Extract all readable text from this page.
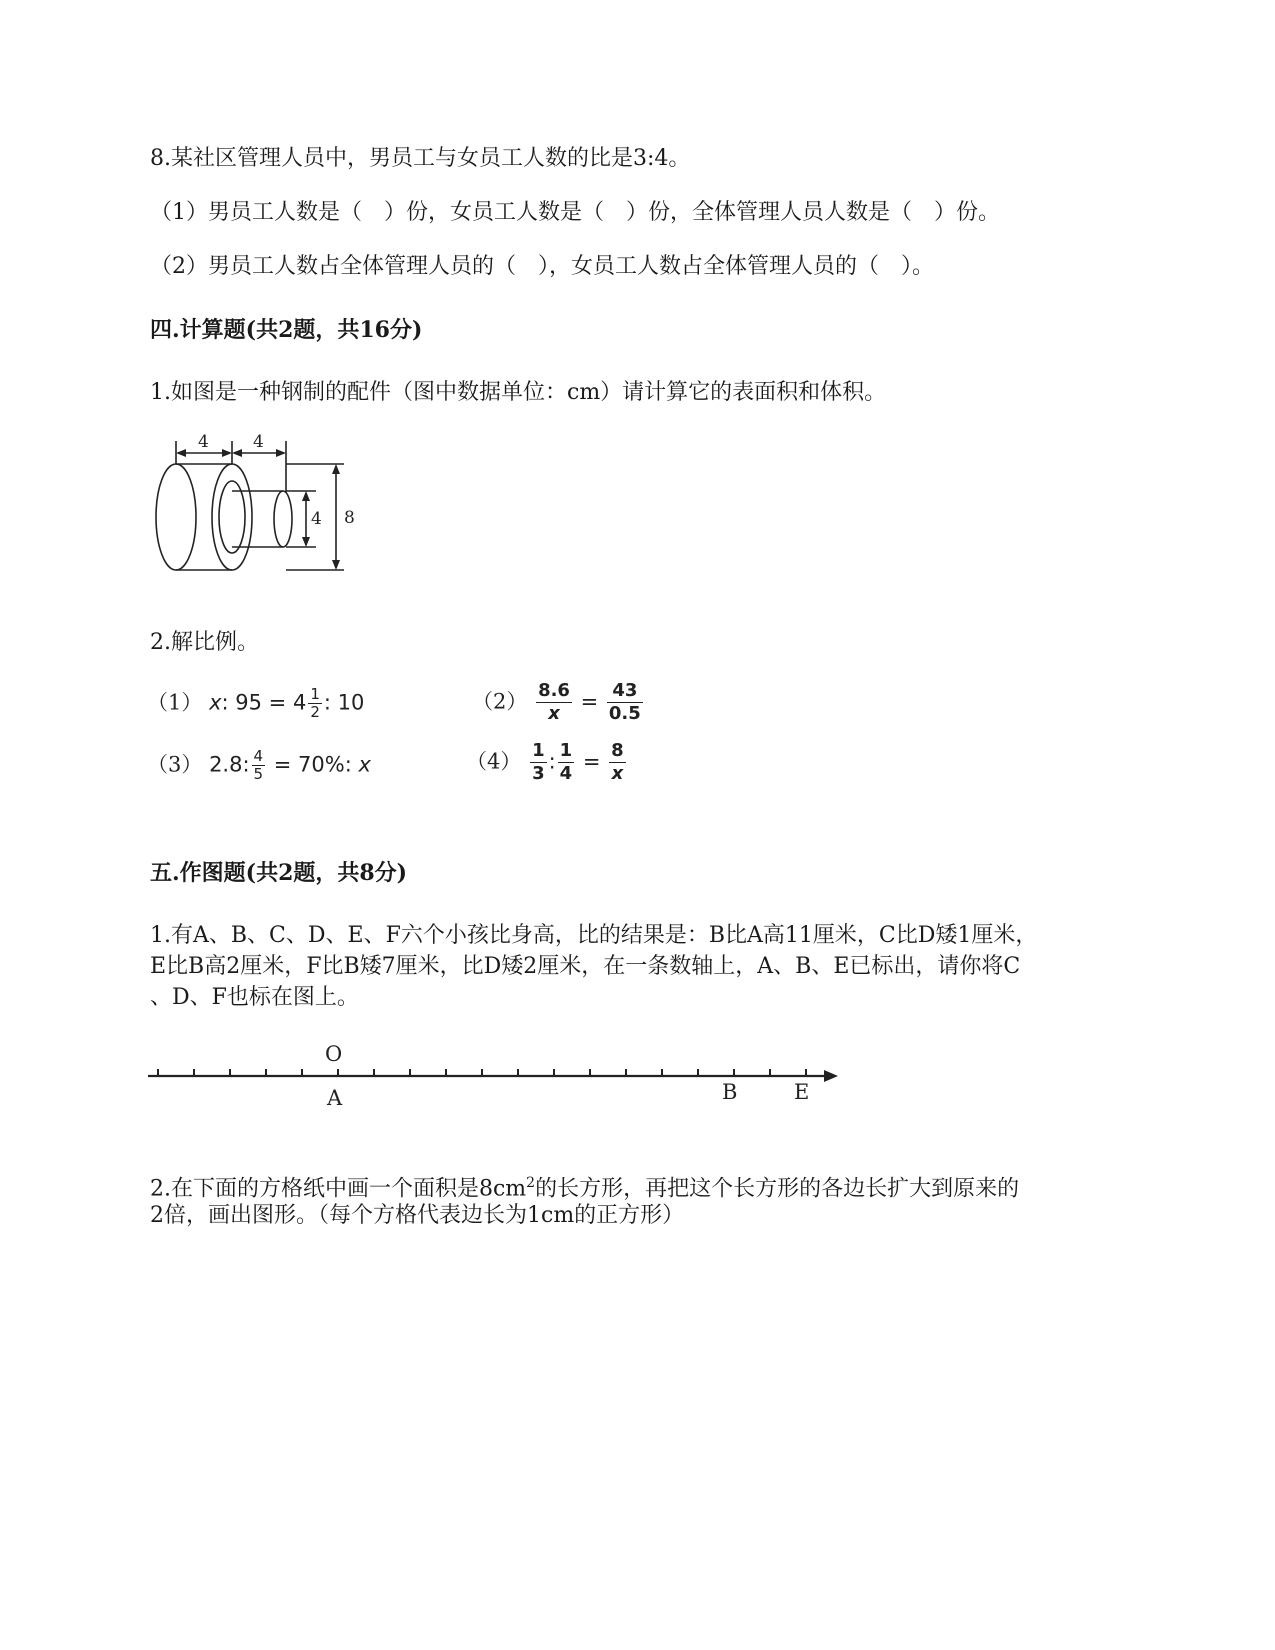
8.某社区管理人员中，男员工与女员工人数的比是3:4。
（1）男员工人数是（　）份，女员工人数是（　）份，全体管理人员人数是（　）份。
（2）男员工人数占全体管理人员的（　），女员工人数占全体管理人员的（　）。
四.计算题(共2题，共16分)
1.如图是一种钢制的配件（图中数据单位：cm）请计算它的表面积和体积。
4	4
4 8
2.解比例。
（1） x: $95 = 4 \frac{1}{2}$ : 10	$(2) \frac{8.6}{x} = \frac{43}{0.5}$
（3） 2.8: $\frac{4}{5} = 70\%$: x	$(4) \frac{1}{3}$ : $\frac{1}{4} = \frac{8}{x}$
五.作图题(共2题，共8分)
1.有A、B、C、D、E、F六个小孩比身高，比的结果是：B比A高11厘米，C比D矮1厘米，
E比B高2厘米，F比B矮7厘米，比D矮2厘米，在一条数轴上，A、B、E已标出，请你将C
、D、F也标在图上。
O
A	B	E
2.在下面的方格纸中画一个面积是$8cm^2$的长方形，再把这个长方形的各边长扩大到原来的
2倍，画出图形。（每个方格代表边长为1cm的正方形）
